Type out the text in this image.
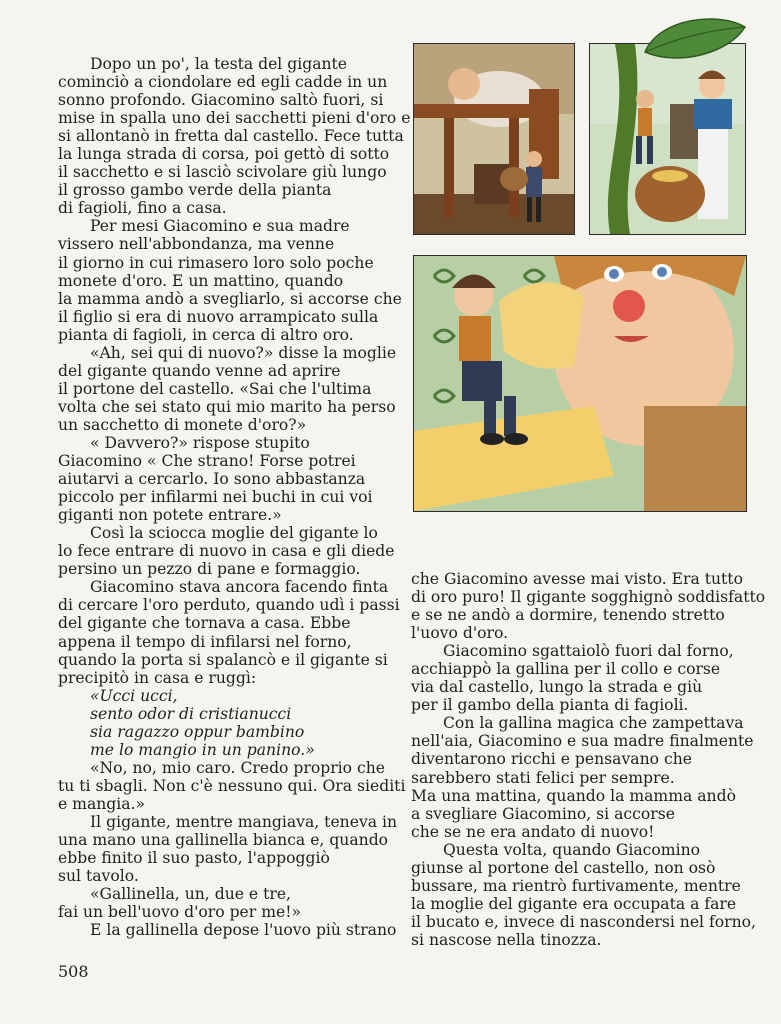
Dopo un po', la testa del gigante
cominciò a ciondolare ed egli cadde in un
sonno profondo. Giacomino saltò fuori, si
mise in spalla uno dei sacchetti pieni d'oro e
si allontanò in fretta dal castello. Fece tutta
la lunga strada di corsa, poi gettò di sotto
il sacchetto e si lasciò scivolare giù lungo
il grosso gambo verde della pianta
di fagioli, fino a casa.
Per mesi Giacomino e sua madre
vissero nell'abbondanza, ma venne
il giorno in cui rimasero loro solo poche
monete d'oro. E un mattino, quando
la mamma andò a svegliarlo, si accorse che
il figlio si era di nuovo arrampicato sulla
pianta di fagioli, in cerca di altro oro.
«Ah, sei qui di nuovo?» disse la moglie
del gigante quando venne ad aprire
il portone del castello. «Sai che l'ultima
volta che sei stato qui mio marito ha perso
un sacchetto di monete d'oro?»
« Davvero?» rispose stupito
Giacomino « Che strano! Forse potrei
aiutarvi a cercarlo. Io sono abbastanza
piccolo per infilarmi nei buchi in cui voi
giganti non potete entrare.»
Così la sciocca moglie del gigante lo
lo fece entrare di nuovo in casa e gli diede
persino un pezzo di pane e formaggio.
Giacomino stava ancora facendo finta
di cercare l'oro perduto, quando udì i passi
del gigante che tornava a casa. Ebbe
appena il tempo di infilarsi nel forno,
quando la porta si spalancò e il gigante si
precipitò in casa e ruggì:
«Ucci ucci,
sento odor di cristianucci
sia ragazzo oppur bambino
me lo mangio in un panino.»
«No, no, mio caro. Credo proprio che
tu ti sbagli. Non c'è nessuno qui. Ora siediti
e mangia.»
Il gigante, mentre mangiava, teneva in
una mano una gallinella bianca e, quando
ebbe finito il suo pasto, l'appoggiò
sul tavolo.
«Gallinella, un, due e tre,
fai un bell'uovo d'oro per me!»
E la gallinella depose l'uovo più strano
che Giacomino avesse mai visto. Era tutto
di oro puro! Il gigante sogghignò soddisfatto
e se ne andò a dormire, tenendo stretto
l'uovo d'oro.
Giacomino sgattaiolò fuori dal forno,
acchiappò la gallina per il collo e corse
via dal castello, lungo la strada e giù
per il gambo della pianta di fagioli.
Con la gallina magica che zampettava
nell'aia, Giacomino e sua madre finalmente
diventarono ricchi e pensavano che
sarebbero stati felici per sempre.
Ma una mattina, quando la mamma andò
a svegliare Giacomino, si accorse
che se ne era andato di nuovo!
Questa volta, quando Giacomino
giunse al portone del castello, non osò
bussare, ma rientrò furtivamente, mentre
la moglie del gigante era occupata a fare
il bucato e, invece di nascondersi nel forno,
si nascose nella tinozza.
508
